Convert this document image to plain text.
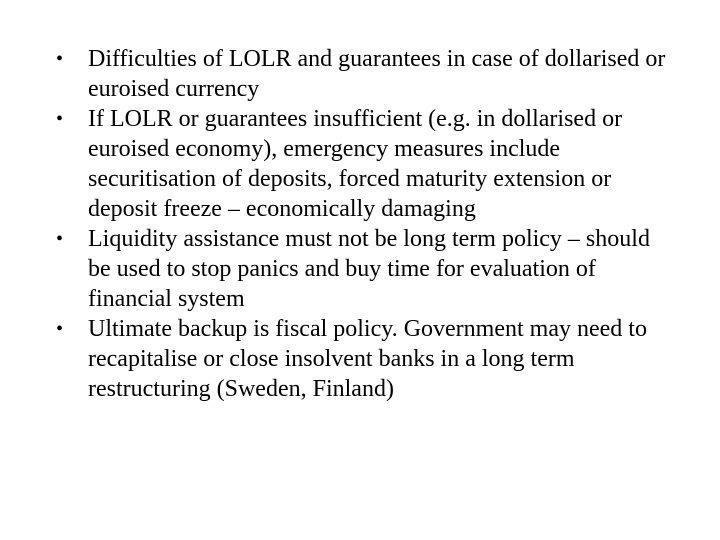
•	Difficulties of LOLR and guarantees in case of dollarised or euroised currency
•	If LOLR or guarantees insufficient (e.g. in dollarised or euroised economy), emergency measures include securitisation of deposits, forced maturity extension or deposit freeze – economically damaging
•	Liquidity assistance must not be long term policy – should be used to stop panics and buy time for evaluation of financial system
•	Ultimate backup is fiscal policy. Government may need to recapitalise or close insolvent banks in a long term restructuring (Sweden, Finland)
